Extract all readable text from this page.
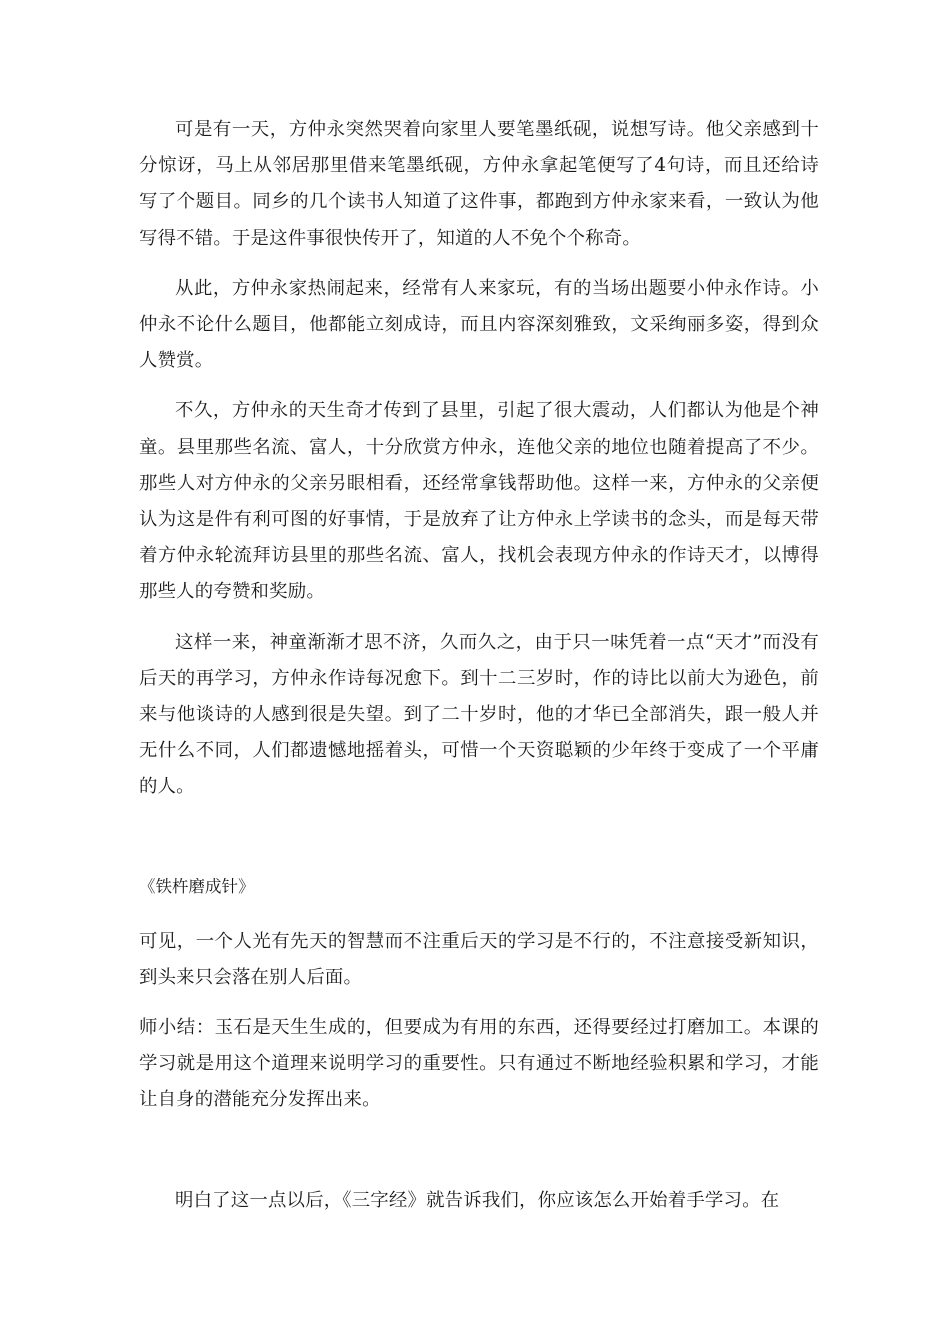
可是有一天，方仲永突然哭着向家里人要笔墨纸砚，说想写诗。他父亲感到十分惊讶，马上从邻居那里借来笔墨纸砚，方仲永拿起笔便写了4句诗，而且还给诗写了个题目。同乡的几个读书人知道了这件事，都跑到方仲永家来看，一致认为他写得不错。于是这件事很快传开了，知道的人不免个个称奇。

从此，方仲永家热闹起来，经常有人来家玩，有的当场出题要小仲永作诗。小仲永不论什么题目，他都能立刻成诗，而且内容深刻雅致，文采绚丽多姿，得到众人赞赏。

不久，方仲永的天生奇才传到了县里，引起了很大震动，人们都认为他是个神童。县里那些名流、富人，十分欣赏方仲永，连他父亲的地位也随着提高了不少。那些人对方仲永的父亲另眼相看，还经常拿钱帮助他。这样一来，方仲永的父亲便认为这是件有利可图的好事情，于是放弃了让方仲永上学读书的念头，而是每天带着方仲永轮流拜访县里的那些名流、富人，找机会表现方仲永的作诗天才，以博得那些人的夸赞和奖励。

这样一来，神童渐渐才思不济，久而久之，由于只一味凭着一点“天才”而没有后天的再学习，方仲永作诗每况愈下。到十二三岁时，作的诗比以前大为逊色，前来与他谈诗的人感到很是失望。到了二十岁时，他的才华已全部消失，跟一般人并无什么不同，人们都遗憾地摇着头，可惜一个天资聪颖的少年终于变成了一个平庸的人。

《铁杵磨成针》

可见，一个人光有先天的智慧而不注重后天的学习是不行的，不注意接受新知识，到头来只会落在别人后面。

师小结：玉石是天生生成的，但要成为有用的东西，还得要经过打磨加工。本课的学习就是用这个道理来说明学习的重要性。只有通过不断地经验积累和学习，才能让自身的潜能充分发挥出来。

明白了这一点以后，《三字经》就告诉我们，你应该怎么开始着手学习。在
